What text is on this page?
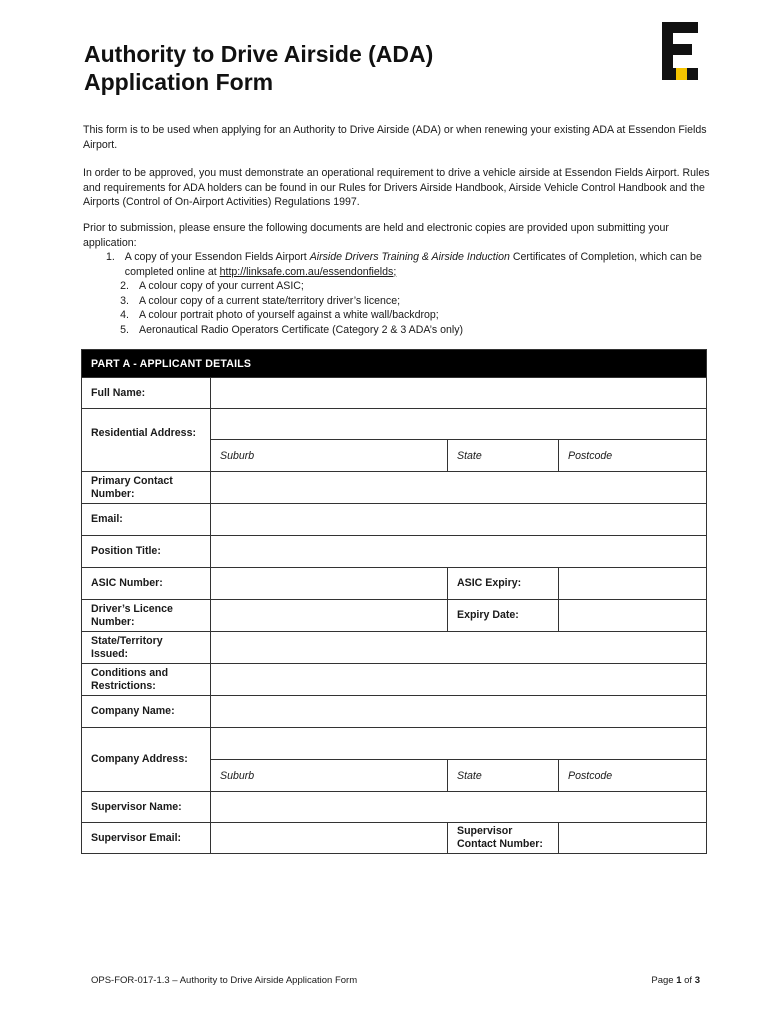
Authority to Drive Airside (ADA)
Application Form
This form is to be used when applying for an Authority to Drive Airside (ADA) or when renewing your existing ADA at Essendon Fields Airport.
In order to be approved, you must demonstrate an operational requirement to drive a vehicle airside at Essendon Fields Airport. Rules and requirements for ADA holders can be found in our Rules for Drivers Airside Handbook, Airside Vehicle Control Handbook and the Airports (Control of On-Airport Activities) Regulations 1997.
Prior to submission, please ensure the following documents are held and electronic copies are provided upon submitting your application:
1. A copy of your Essendon Fields Airport Airside Drivers Training & Airside Induction Certificates of Completion, which can be completed online at http://linksafe.com.au/essendonfields;
2. A colour copy of your current ASIC;
3. A colour copy of a current state/territory driver’s licence;
4. A colour portrait photo of yourself against a white wall/backdrop;
5. Aeronautical Radio Operators Certificate (Category 2 & 3 ADA’s only)
PART A - APPLICANT DETAILS			
Full Name:			
Residential Address:			
	Suburb	State	Postcode
Primary Contact Number:			
Email:			
Position Title:			
ASIC Number:		ASIC Expiry:	
Driver’s Licence Number:		Expiry Date:	
State/Territory Issued:			
Conditions and Restrictions:			
Company Name:			
Company Address:			
	Suburb	State	Postcode
Supervisor Name:			
Supervisor Email:		Supervisor Contact Number:	
OPS-FOR-017-1.3 – Authority to Drive Airside Application Form	Page 1 of 3
